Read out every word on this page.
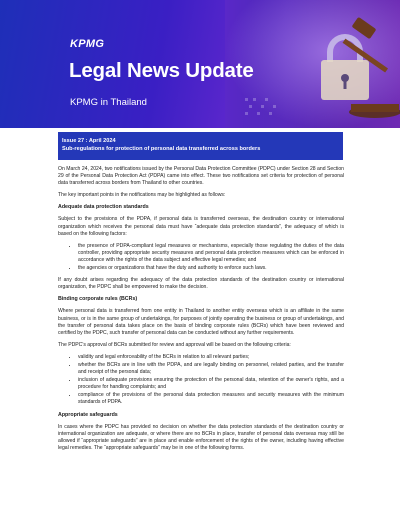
KPMG
Legal News Update
KPMG in Thailand
Issue 27 : April 2024
Sub-regulations for protection of personal data transferred across borders

On March 24, 2024, two notifications issued by the Personal Data Protection Committee (PDPC) under Section 28 and Section 29 of the Personal Data Protection Act (PDPA) came into effect. These two notifications set criteria for protection of personal data transferred across borders from Thailand to other countries.

The key important points in the notifications may be highlighted as follows:

Adequate data protection standards

Subject to the provisions of the PDPA, if personal data is transferred overseas, the destination country or international organization which receives the personal data must have “adequate data protection standards”, the adequacy of which is based on the following factors:

• the presence of PDPA-compliant legal measures or mechanisms, especially those regulating the duties of the data controller, providing appropriate security measures and personal data protection measures which can be enforced in accordance with the rights of the data subject and effective legal remedies; and
• the agencies or organizations that have the duty and authority to enforce such laws.

If any doubt arises regarding the adequacy of the data protection standards of the destination country or international organization, the PDPC shall be empowered to make the decision.

Binding corporate rules (BCRs)

Where personal data is transferred from one entity in Thailand to another entity overseas which is an affiliate in the same business, or is in the same group of undertakings, for purposes of jointly operating the business or group of undertakings, and the transfer of personal data takes place on the basis of binding corporate rules (BCRs) which have been reviewed and certified by the PDPC, such transfer of personal data can be conducted without any further requirements.

The PDPC's approval of BCRs submitted for review and approval will be based on the following criteria:

• validity and legal enforceability of the BCRs in relation to all relevant parties;
• whether the BCRs are in line with the PDPA, and are legally binding on personnel, related parties, and the transfer and receipt of the personal data;
• inclusion of adequate provisions ensuring the protection of the personal data, retention of the owner's rights, and a procedure for handling complaints; and
• compliance of the provisions of the personal data protection measures and security measures with the minimum standards of PDPA.
Appropriate safeguards

In cases where the PDPC has provided no decision on whether the data protection standards of the destination country or international organization are adequate, or where there are no BCRs in place, transfer of personal data overseas may still be allowed if “appropriate safeguards” are in place and enable enforcement of the rights of the owner, including having effective legal remedies. The “appropriate safeguards” may be in one of the following forms.
